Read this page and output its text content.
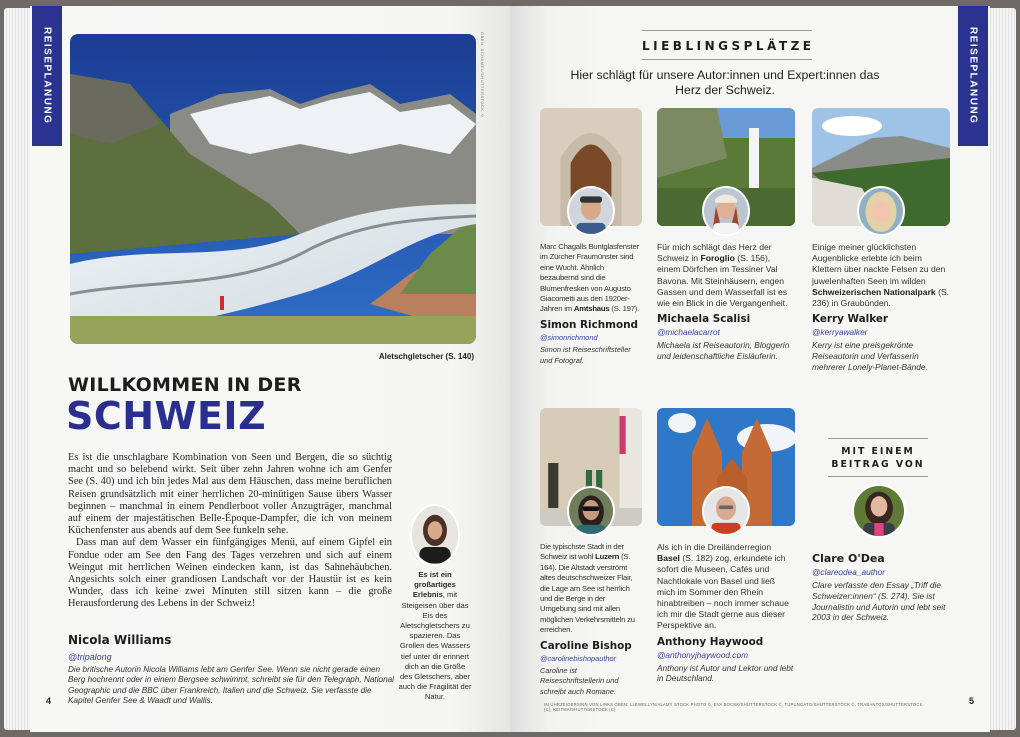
REISEPLANUNG	OBEN: SCHAMEL/SHUTTERSTOCK ©
Aletschgletscher (S. 140)
WILLKOMMEN IN DER
SCHWEIZ

Es ist die unschlagbare Kombination von Seen und Bergen, die so süchtig macht und so belebend wirkt. Seit über zehn Jahren wohne ich am Genfer See (S. 40) und ich bin jedes Mal aus dem Häuschen, dass meine beruflichen Reisen grundsätzlich mit einer herrlichen 20-minütigen Sause übers Wasser beginnen – manchmal in einem Pendlerboot voller Anzugträger, manchmal auf einem der majestätischen Belle-Époque-Dampfer, die ich von meinem Küchenfenster aus abends auf dem See funkeln sehe.

Dass man auf dem Wasser ein fünfgängiges Menü, auf einem Gipfel ein Fondue oder am See den Fang des Tages verzehren und sich auf einem Weingut mit herrlichen Weinen eindecken kann, ist das Sahnehäubchen. Angesichts solch einer grandiosen Landschaft vor der Haustür ist es kein Wunder, dass ich keine zwei Minuten still sitzen kann – die große Herausforderung des Lebens in der Schweiz!

Nicola Williams
@tripalong
Die britische Autorin Nicola Williams lebt am Genfer See. Wenn sie nicht gerade einen Berg hochrennt oder in einem Bergsee schwimmt, schreibt sie für den Telegraph, National Geographic und die BBC über Frankreich, Italien und die Schweiz. Sie verfasste die Kapitel Genfer See & Waadt und Wallis.
Es ist ein großartiges Erlebnis, mit Steigeisen über das Eis des Aletschgletschers zu spazieren. Das Grollen des Wassers tief unter dir erinnert dich an die Größe des Gletschers, aber auch die Fragilität der Natur.
4
REISEPLANUNG
LIEBLINGSPLÄTZE
Hier schlägt für unsere Autor:innen und Expert:innen das Herz der Schweiz.
Marc Chagalls Buntglasfenster im Zürcher Fraumünster sind eine Wucht. Ähnlich bezaubernd sind die Blumenfresken von Augusto Giacometti aus den 1920er-Jahren im Amtshaus (S. 197).
Simon Richmond
@simonrichmond
Simon ist Reiseschriftsteller und Fotograf.
Für mich schlägt das Herz der Schweiz in Foroglio (S. 156), einem Dörfchen im Tessiner Val Bavona. Mit Steinhäusern, engen Gassen und dem Wasserfall ist es wie ein Blick in die Vergangenheit.
Michaela Scalisi
@michaelacarrot
Michaela ist Reiseautorin, Bloggerin und leidenschaftliche Eisläuferin.
Einige meiner glücklichsten Augenblicke erlebte ich beim Klettern über nackte Felsen zu den juwelenhaften Seen im wilden Schweizerischen Nationalpark (S. 236) in Graubünden.
Kerry Walker
@kerryawalker
Kerry ist eine preisgekrönte Reiseautorin und Verfasserin mehrerer Lonely-Planet-Bände.
Die typischste Stadt in der Schweiz ist wohl Luzern (S. 164). Die Altstadt verströmt altes deutschschweizer Flair, die Lage am See ist herrlich und die Berge in der Umgebung sind mit allen möglichen Verkehrsmitteln zu erreichen.
Caroline Bishop
@carolinebishopauthor
Caroline ist Reiseschriftstellerin und schreibt auch Romane.
Als ich in die Dreiländerregion Basel (S. 182) zog, erkundete ich sofort die Museen, Cafés und Nachtlokale von Basel und ließ mich im Sommer den Rhein hinabtreiben – noch immer schaue ich mir die Stadt gerne aus dieser Perspektive an.
Anthony Haywood
@anthonyjhaywood.com
Anthony ist Autor und Lektor und lebt in Deutschland.
MIT EINEM BEITRAG VON
Clare O'Dea
@clareodea_author
Clare verfasste den Essay „Triff die Schweizer:innen“ (S. 274). Sie ist Journalistin und Autorin und lebt seit 2003 in der Schweiz.
IM UHRZEIGERSINN VON LINKS OBEN: LLEWELLYN/ALAMY STOCK PHOTO ©, EVA BOCEK/SHUTTERSTOCK ©, TUPUNGATO/SHUTTERSTOCK ©, TRABANTOS/SHUTTERSTOCK (C), KEITMA/SHUTTERSTOCK (C)
5
